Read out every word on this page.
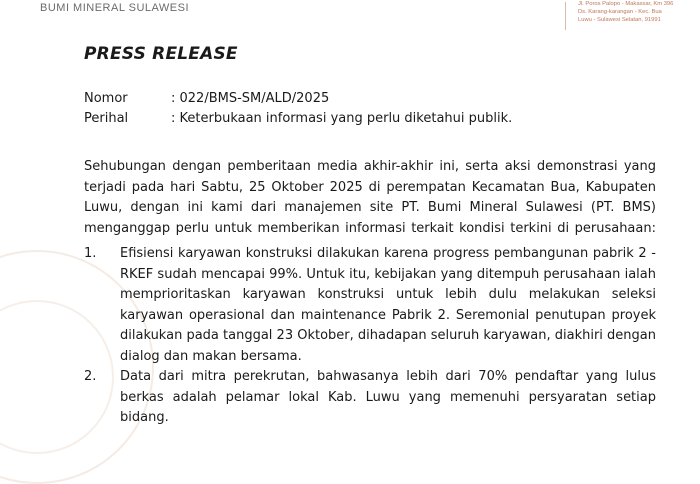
BUMI MINERAL SULAWESI	Jl. Poros Palopo - Makassar, Km 396
Ds. Karang-karangan - Kec. Bua
Luwu - Sulawesi Selatan, 91991
PRESS RELEASE
Nomor	: 022/BMS-SM/ALD/2025
Perihal	: Keterbukaan informasi yang perlu diketahui publik.
Sehubungan dengan pemberitaan media akhir-akhir ini, serta aksi demonstrasi yang
terjadi pada hari Sabtu, 25 Oktober 2025 di perempatan Kecamatan Bua, Kabupaten
Luwu, dengan ini kami dari manajemen site PT. Bumi Mineral Sulawesi (PT. BMS)
menganggap perlu untuk memberikan informasi terkait kondisi terkini di perusahaan:
1. Efisiensi karyawan konstruksi dilakukan karena progress pembangunan pabrik 2 -
RKEF sudah mencapai 99%. Untuk itu, kebijakan yang ditempuh perusahaan ialah
memprioritaskan karyawan konstruksi untuk lebih dulu melakukan seleksi
karyawan operasional dan maintenance Pabrik 2. Seremonial penutupan proyek
dilakukan pada tanggal 23 Oktober, dihadapan seluruh karyawan, diakhiri dengan
dialog dan makan bersama.
2. Data dari mitra perekrutan, bahwasanya lebih dari 70% pendaftar yang lulus
berkas adalah pelamar lokal Kab. Luwu yang memenuhi persyaratan setiap bidang.
